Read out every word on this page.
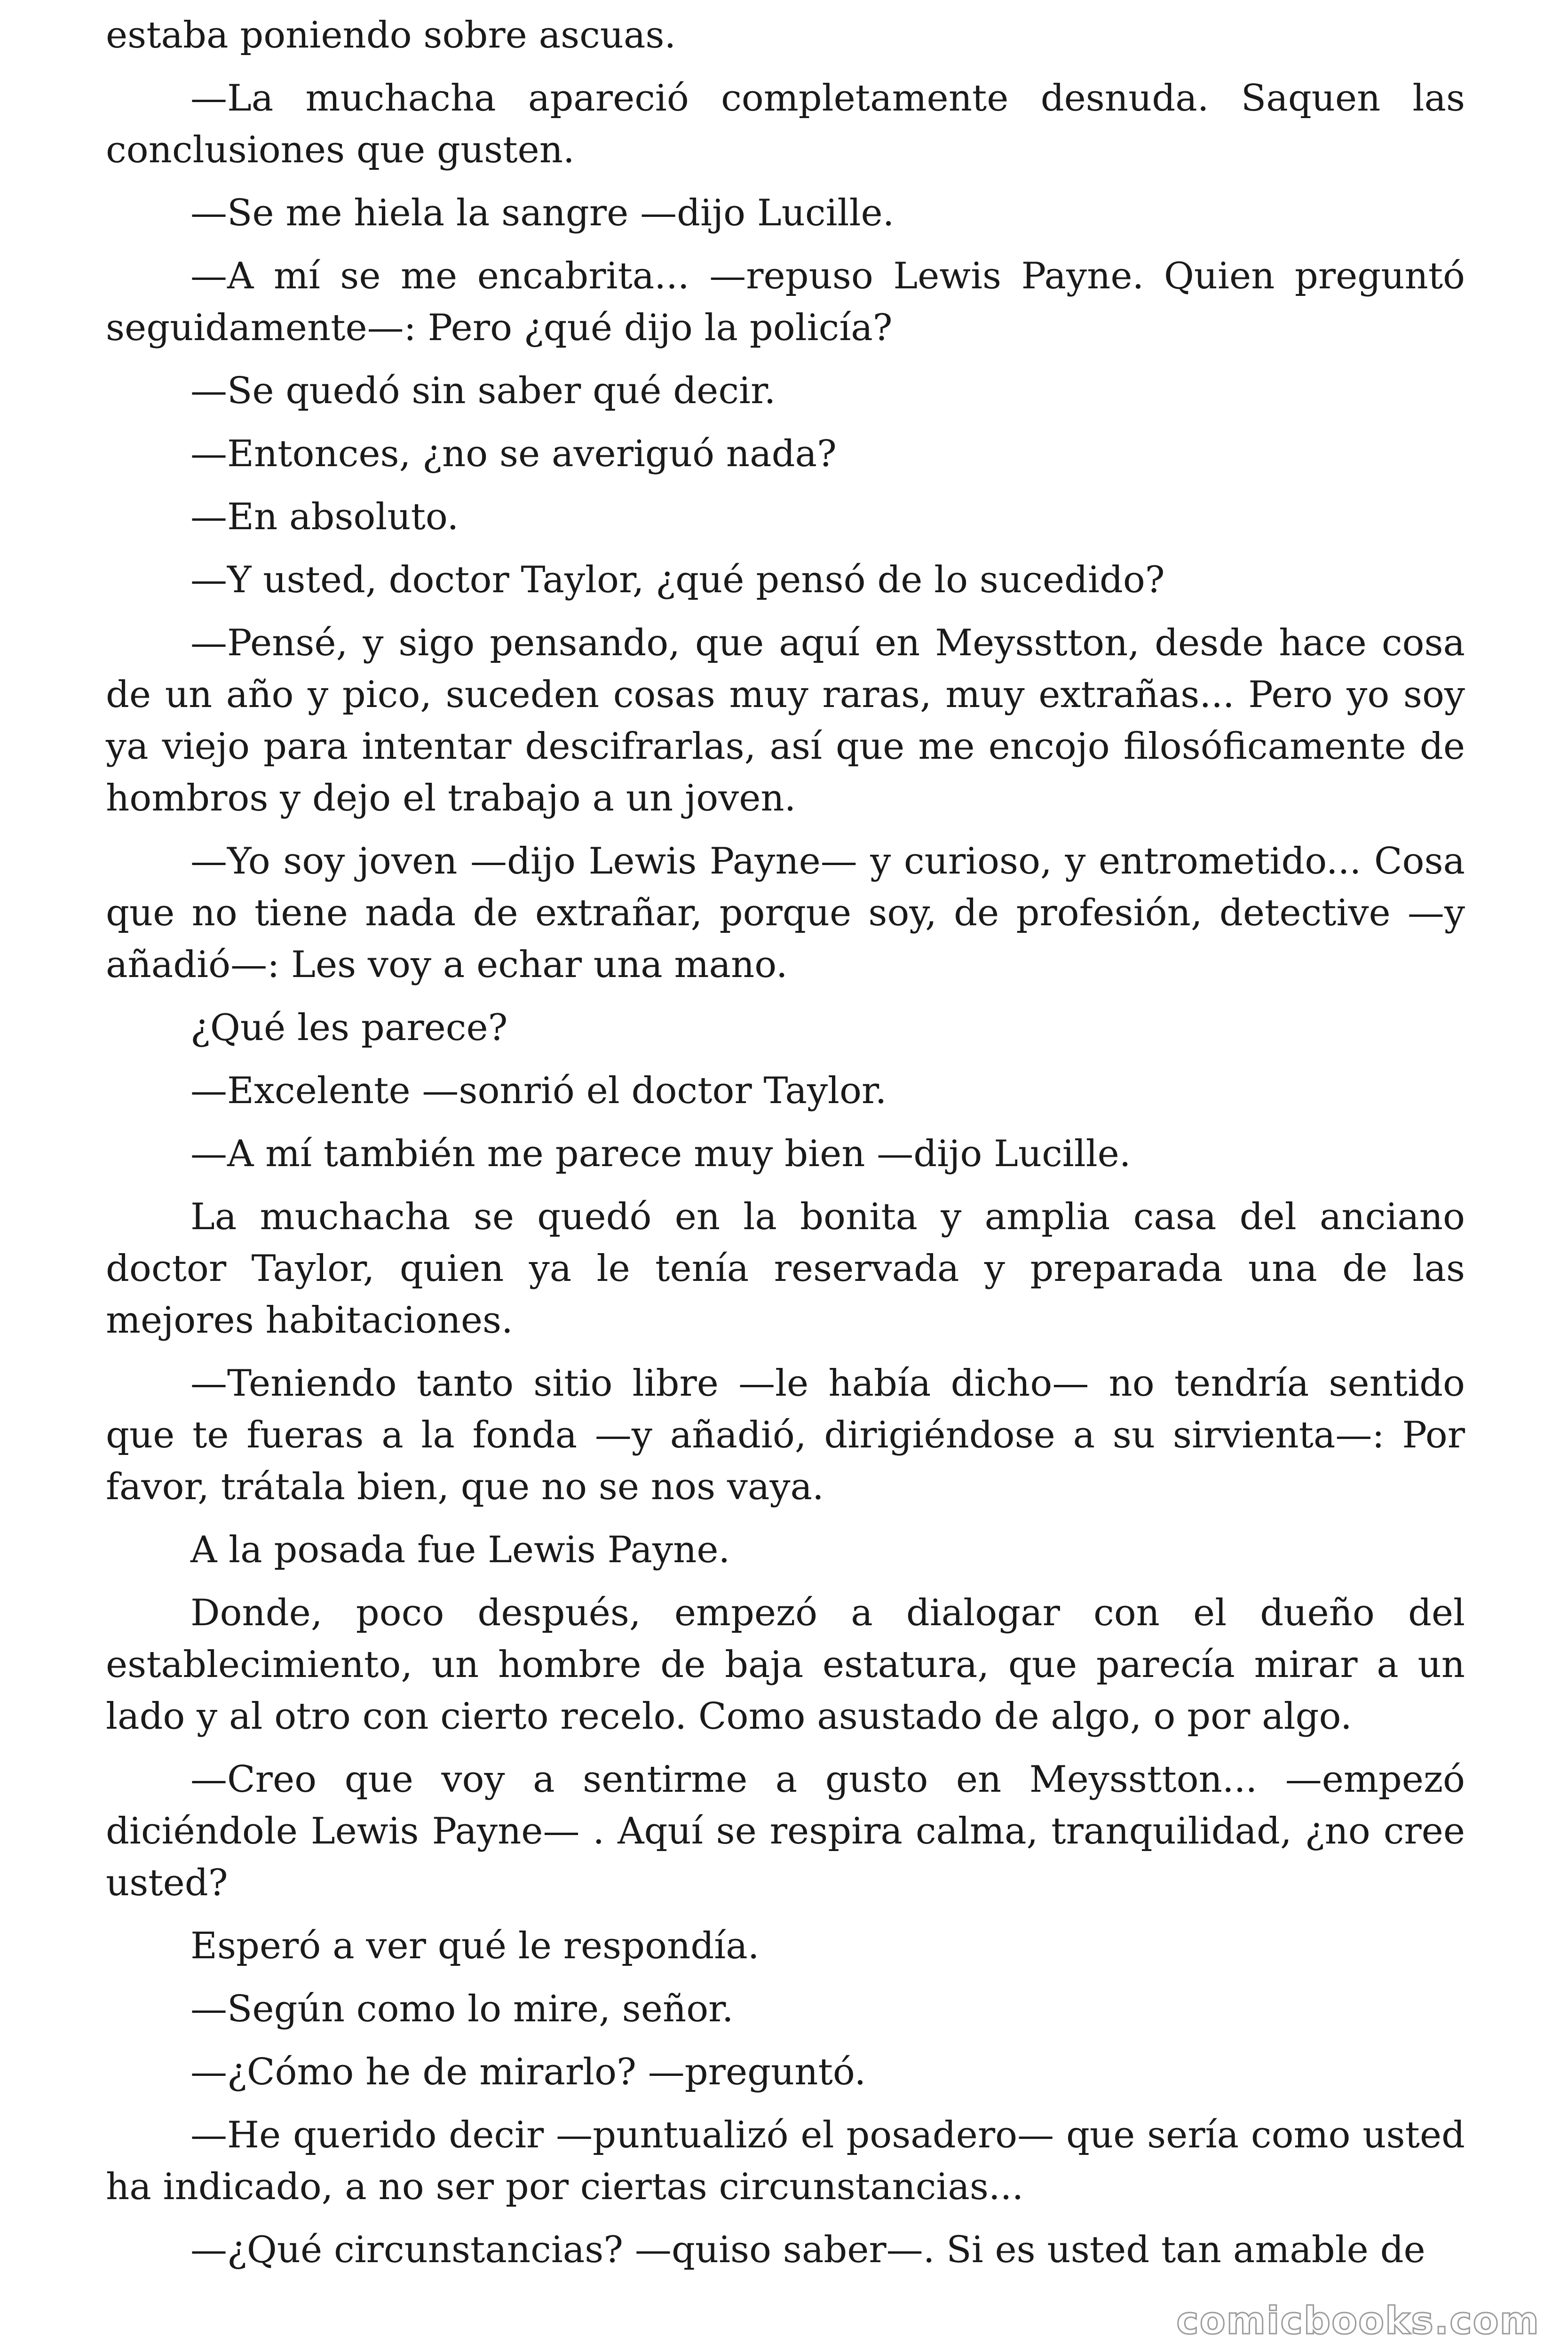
estaba poniendo sobre ascuas.

—La muchacha apareció completamente desnuda. Saquen las conclusiones que gusten.

—Se me hiela la sangre —dijo Lucille.

—A mí se me encabrita... —repuso Lewis Payne. Quien preguntó seguidamente—: Pero ¿qué dijo la policía?

—Se quedó sin saber qué decir.

—Entonces, ¿no se averiguó nada?

—En absoluto.

—Y usted, doctor Taylor, ¿qué pensó de lo sucedido?

—Pensé, y sigo pensando, que aquí en Meysstton, desde hace cosa de un año y pico, suceden cosas muy raras, muy extrañas... Pero yo soy ya viejo para intentar descifrarlas, así que me encojo filosóficamente de hombros y dejo el trabajo a un joven.

—Yo soy joven —dijo Lewis Payne— y curioso, y entrometido... Cosa que no tiene nada de extrañar, porque soy, de profesión, detective —y añadió—: Les voy a echar una mano.

¿Qué les parece?

—Excelente —sonrió el doctor Taylor.

—A mí también me parece muy bien —dijo Lucille.

La muchacha se quedó en la bonita y amplia casa del anciano doctor Taylor, quien ya le tenía reservada y preparada una de las mejores habitaciones.

—Teniendo tanto sitio libre —le había dicho— no tendría sentido que te fueras a la fonda —y añadió, dirigiéndose a su sirvienta—: Por favor, trátala bien, que no se nos vaya.

A la posada fue Lewis Payne.

Donde, poco después, empezó a dialogar con el dueño del establecimiento, un hombre de baja estatura, que parecía mirar a un lado y al otro con cierto recelo. Como asustado de algo, o por algo.

—Creo que voy a sentirme a gusto en Meysstton... —empezó diciéndole Lewis Payne— . Aquí se respira calma, tranquilidad, ¿no cree usted?

Esperó a ver qué le respondía.

—Según como lo mire, señor.

—¿Cómo he de mirarlo? —preguntó.

—He querido decir —puntualizó el posadero— que sería como usted ha indicado, a no ser por ciertas circunstancias...

—¿Qué circunstancias? —quiso saber—. Si es usted tan amable de

comicbooks.com
